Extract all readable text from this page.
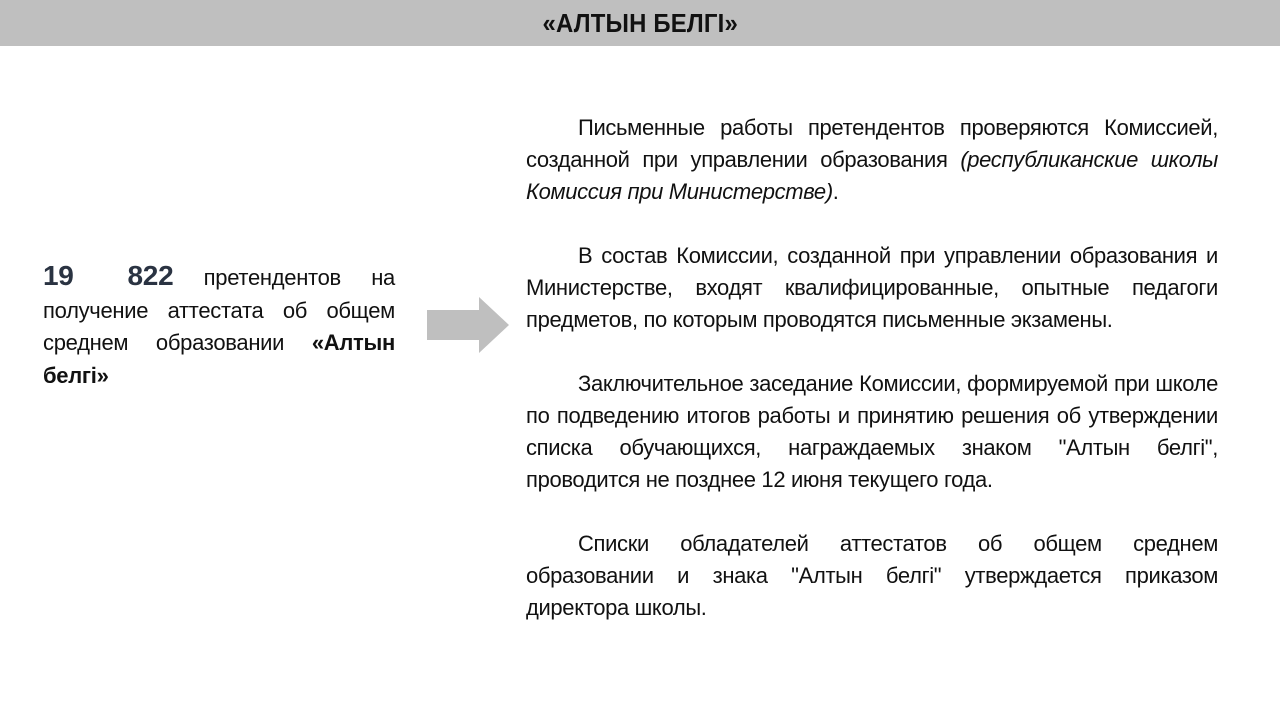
«АЛТЫН БЕЛГІ»
19 822 претендентов на получение аттестата об общем среднем образовании «Алтын белгі»

Письменные работы претендентов проверяются Комиссией, созданной при управлении образования (республиканские школы Комиссия при Министерстве).

В состав Комиссии, созданной при управлении образования и Министерстве, входят квалифицированные, опытные педагоги предметов, по которым проводятся письменные экзамены.

Заключительное заседание Комиссии, формируемой при школе по подведению итогов работы и принятию решения об утверждении списка обучающихся, награждаемых знаком "Алтын белгі", проводится не позднее 12 июня текущего года.

Списки обладателей аттестатов об общем среднем образовании и знака "Алтын белгі" утверждается приказом директора школы.
